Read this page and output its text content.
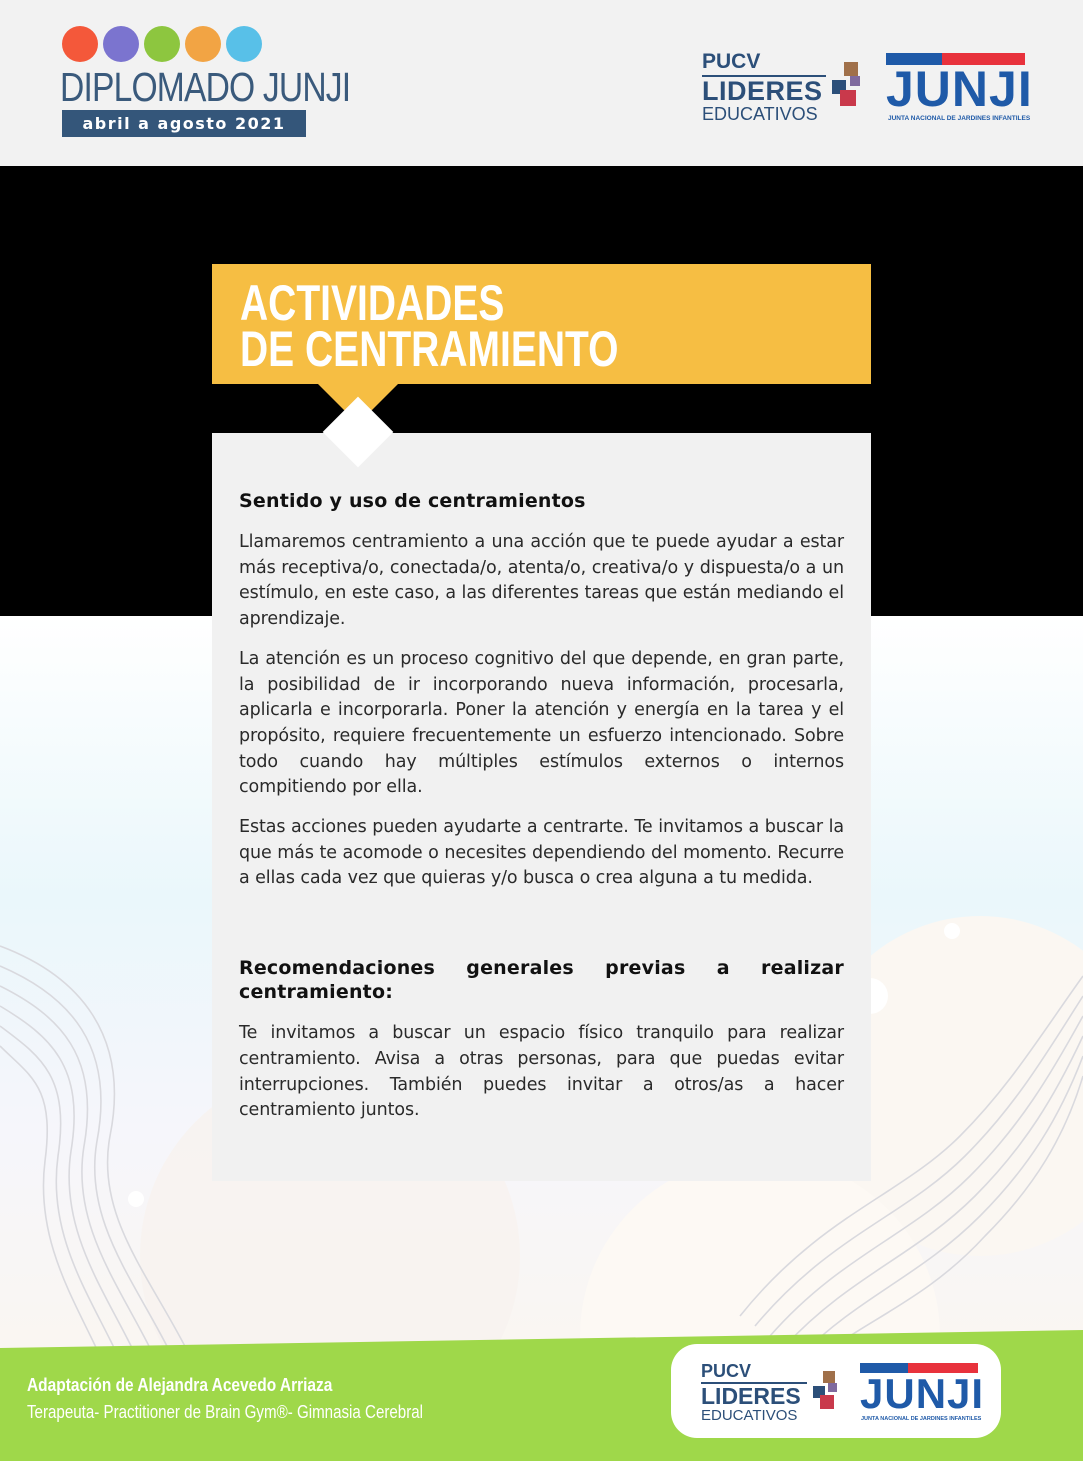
DIPLOMADO JUNJI
abril a agosto 2021
PUCV
LIDERES
EDUCATIVOS JUNJI
JUNTA NACIONAL DE JARDINES INFANTILES
ACTIVIDADES
DE CENTRAMIENTO
Sentido y uso de centramientos

Llamaremos centramiento a una acción que te puede ayudar a estar más receptiva/o, conectada/o, atenta/o, creativa/o y dispuesta/o a un estímulo, en este caso, a las diferentes tareas que están mediando el aprendizaje.

La atención es un proceso cognitivo del que depende, en gran parte, la posibilidad de ir incorporando nueva información, procesarla, aplicarla e incorporarla. Poner la atención y energía en la tarea y el propósito, requiere frecuentemente un esfuerzo intencionado. Sobre todo cuando hay múltiples estímulos externos o internos compitiendo por ella.

Estas acciones pueden ayudarte a centrarte. Te invitamos a buscar la que más te acomode o necesites dependiendo del momento. Recurre a ellas cada vez que quieras y/o busca o crea alguna a tu medida.

Recomendaciones generales previas a realizar centramiento:

Te invitamos a buscar un espacio físico tranquilo para realizar centramiento. Avisa a otras personas, para que puedas evitar interrupciones. También puedes invitar a otros/as a hacer centramiento juntos.

Adaptación de Alejandra Acevedo Arriaza
Terapeuta- Practitioner de Brain Gym®- Gimnasia Cerebral
PUCV
LIDERES
EDUCATIVOS JUNJI
JUNTA NACIONAL DE JARDINES INFANTILES
